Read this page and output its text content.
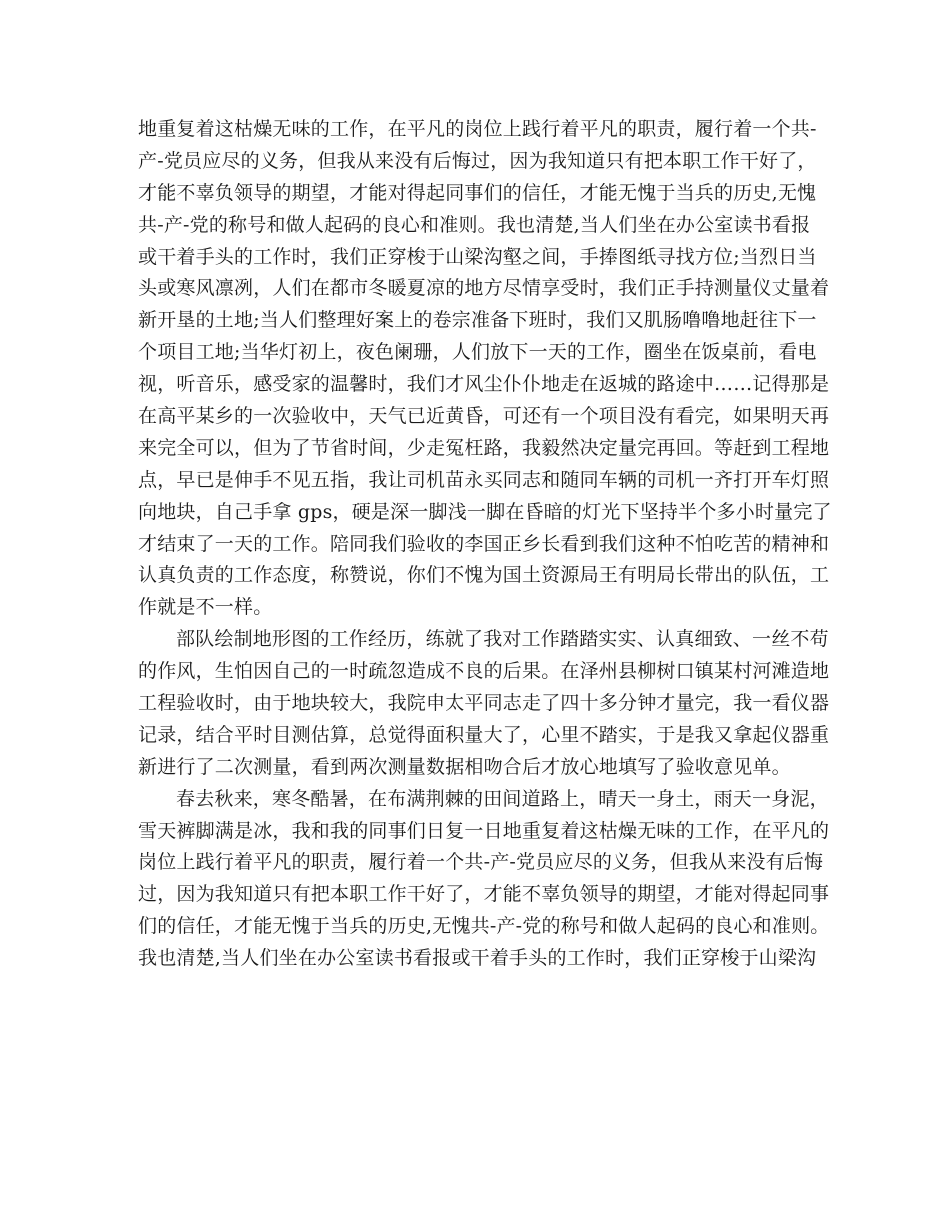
地重复着这枯燥无味的工作，在平凡的岗位上践行着平凡的职责，履行着一个共-
产-党员应尽的义务，但我从来没有后悔过，因为我知道只有把本职工作干好了，
才能不辜负领导的期望，才能对得起同事们的信任，才能无愧于当兵的历史,无愧
共-产-党的称号和做人起码的良心和准则。我也清楚,当人们坐在办公室读书看报
或干着手头的工作时，我们正穿梭于山梁沟壑之间，手捧图纸寻找方位;当烈日当
头或寒风凛冽，人们在都市冬暖夏凉的地方尽情享受时，我们正手持测量仪丈量着
新开垦的土地;当人们整理好案上的卷宗准备下班时，我们又肌肠噜噜地赶往下一
个项目工地;当华灯初上，夜色阑珊，人们放下一天的工作，圈坐在饭桌前，看电
视，听音乐，感受家的温馨时，我们才风尘仆仆地走在返城的路途中……记得那是
在高平某乡的一次验收中，天气已近黄昏，可还有一个项目没有看完，如果明天再
来完全可以，但为了节省时间，少走冤枉路，我毅然决定量完再回。等赶到工程地
点，早已是伸手不见五指，我让司机苗永买同志和随同车辆的司机一齐打开车灯照
向地块，自己手拿 gps，硬是深一脚浅一脚在昏暗的灯光下坚持半个多小时量完了
才结束了一天的工作。陪同我们验收的李国正乡长看到我们这种不怕吃苦的精神和
认真负责的工作态度，称赞说，你们不愧为国土资源局王有明局长带出的队伍，工
作就是不一样。
部队绘制地形图的工作经历，练就了我对工作踏踏实实、认真细致、一丝不苟
的作风，生怕因自己的一时疏忽造成不良的后果。在泽州县柳树口镇某村河滩造地
工程验收时，由于地块较大，我院申太平同志走了四十多分钟才量完，我一看仪器
记录，结合平时目测估算，总觉得面积量大了，心里不踏实，于是我又拿起仪器重
新进行了二次测量，看到两次测量数据相吻合后才放心地填写了验收意见单。
春去秋来，寒冬酷暑，在布满荆棘的田间道路上，晴天一身土，雨天一身泥，
雪天裤脚满是冰，我和我的同事们日复一日地重复着这枯燥无味的工作，在平凡的
岗位上践行着平凡的职责，履行着一个共-产-党员应尽的义务，但我从来没有后悔
过，因为我知道只有把本职工作干好了，才能不辜负领导的期望，才能对得起同事
们的信任，才能无愧于当兵的历史,无愧共-产-党的称号和做人起码的良心和准则。
我也清楚,当人们坐在办公室读书看报或干着手头的工作时，我们正穿梭于山梁沟
